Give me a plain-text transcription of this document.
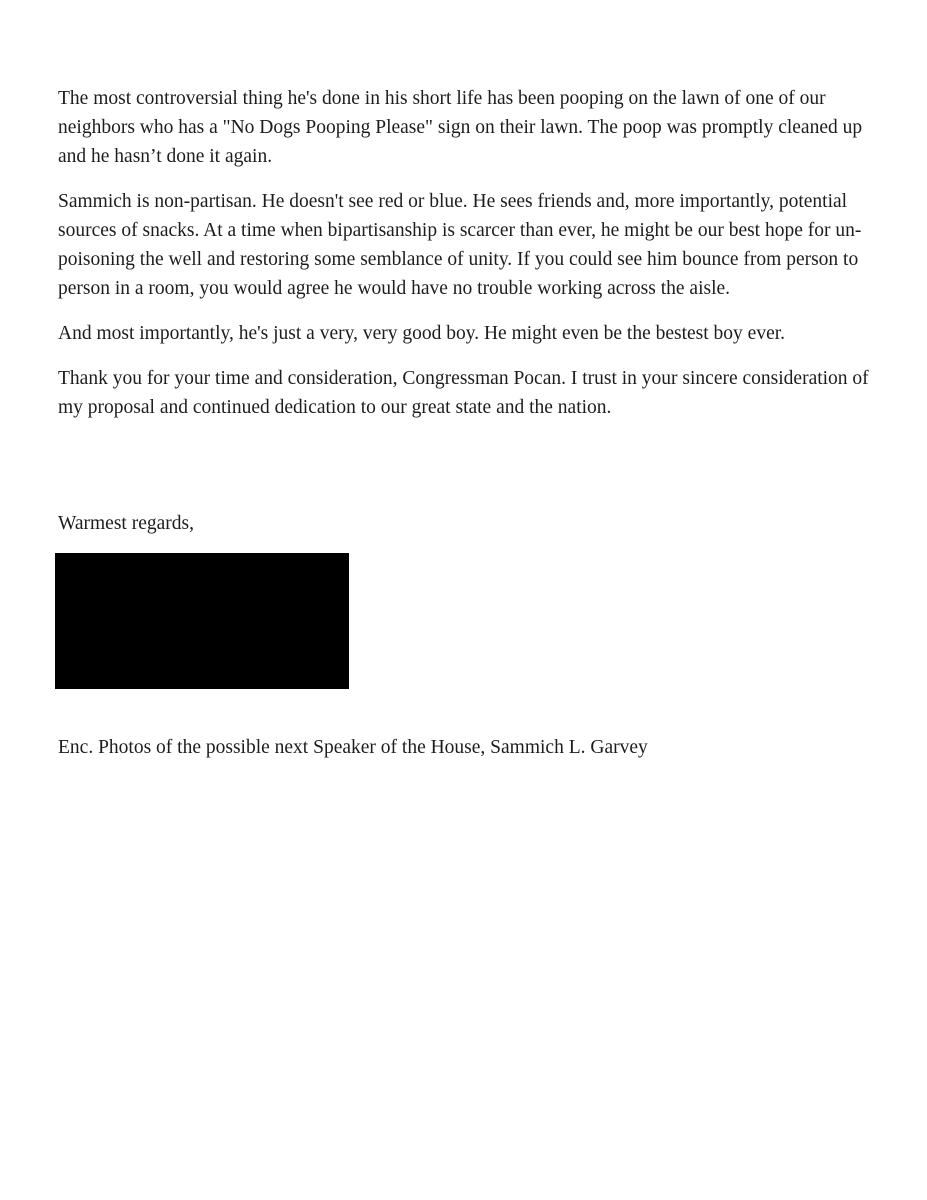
The most controversial thing he's done in his short life has been pooping on the lawn of one of our neighbors who has a "No Dogs Pooping Please" sign on their lawn. The poop was promptly cleaned up and he hasn’t done it again.

Sammich is non-partisan. He doesn't see red or blue. He sees friends and, more importantly, potential sources of snacks. At a time when bipartisanship is scarcer than ever, he might be our best hope for un-poisoning the well and restoring some semblance of unity. If you could see him bounce from person to person in a room, you would agree he would have no trouble working across the aisle.

And most importantly, he's just a very, very good boy. He might even be the bestest boy ever.

Thank you for your time and consideration, Congressman Pocan. I trust in your sincere consideration of my proposal and continued dedication to our great state and the nation.

Warmest regards,

Enc. Photos of the possible next Speaker of the House, Sammich L. Garvey
